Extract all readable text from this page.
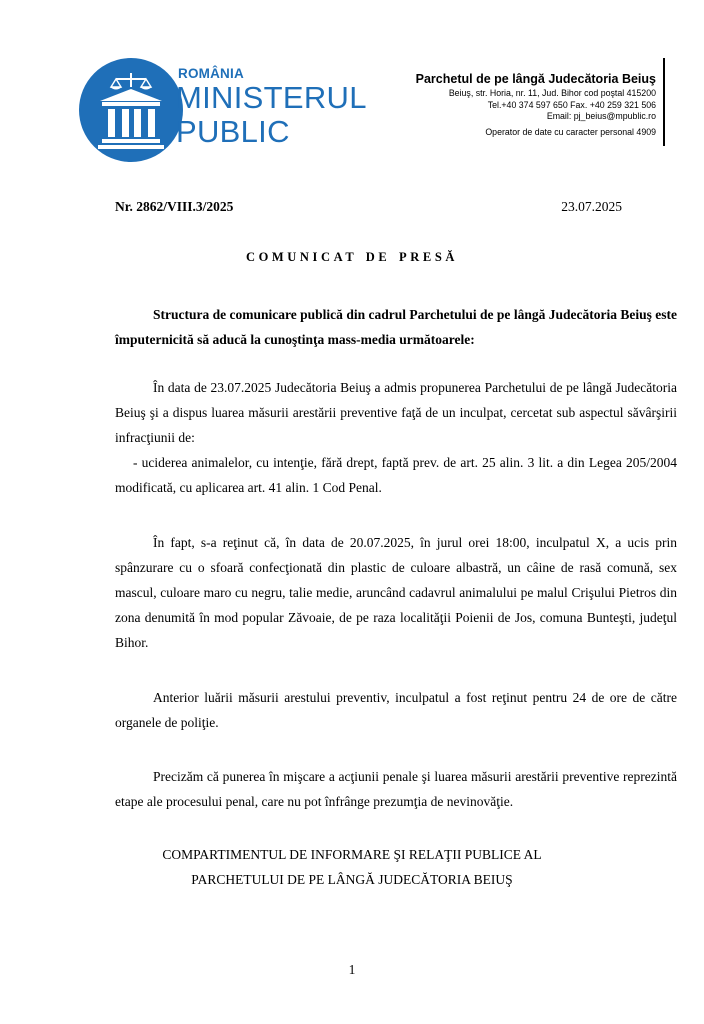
ROMÂNIA
MINISTERUL
PUBLIC
Parchetul de pe lângă Judecătoria Beiuş
Beiuş, str. Horia, nr. 11, Jud. Bihor cod poştal 415200
Tel.+40 374 597 650 Fax. +40 259 321 506
Email: pj_beius@mpublic.ro
Operator de date cu caracter personal 4909
Nr. 2862/VIII.3/2025	23.07.2025
COMUNICAT DE PRESĂ

Structura de comunicare publică din cadrul Parchetului de pe lângă Judecătoria Beiuş este împuternicită să aducă la cunoştinţa mass-media următoarele:

În data de 23.07.2025 Judecătoria Beiuş a admis propunerea Parchetului de pe lângă Judecătoria Beiuş şi a dispus luarea măsurii arestării preventive faţă de un inculpat, cercetat sub aspectul săvârşirii infracţiunii de:

- uciderea animalelor, cu intenţie, fără drept, faptă prev. de art. 25 alin. 3 lit. a din Legea 205/2004 modificată, cu aplicarea art. 41 alin. 1 Cod Penal.

În fapt, s-a reţinut că, în data de 20.07.2025, în jurul orei 18:00, inculpatul X, a ucis prin spânzurare cu o sfoară confecţionată din plastic de culoare albastră, un câine de rasă comună, sex mascul, culoare maro cu negru, talie medie, aruncând cadavrul animalului pe malul Crişului Pietros din zona denumită în mod popular Zăvoaie, de pe raza localităţii Poienii de Jos, comuna Bunteşti, judeţul Bihor.

Anterior luării măsurii arestului preventiv, inculpatul a fost reţinut pentru 24 de ore de către organele de poliţie.

Precizăm că punerea în mişcare a acţiunii penale şi luarea măsurii arestării preventive reprezintă etape ale procesului penal, care nu pot înfrânge prezumţia de nevinovăţie.

COMPARTIMENTUL DE INFORMARE ŞI RELAŢII PUBLICE AL
PARCHETULUI DE PE LÂNGĂ JUDECĂTORIA BEIUŞ
1
